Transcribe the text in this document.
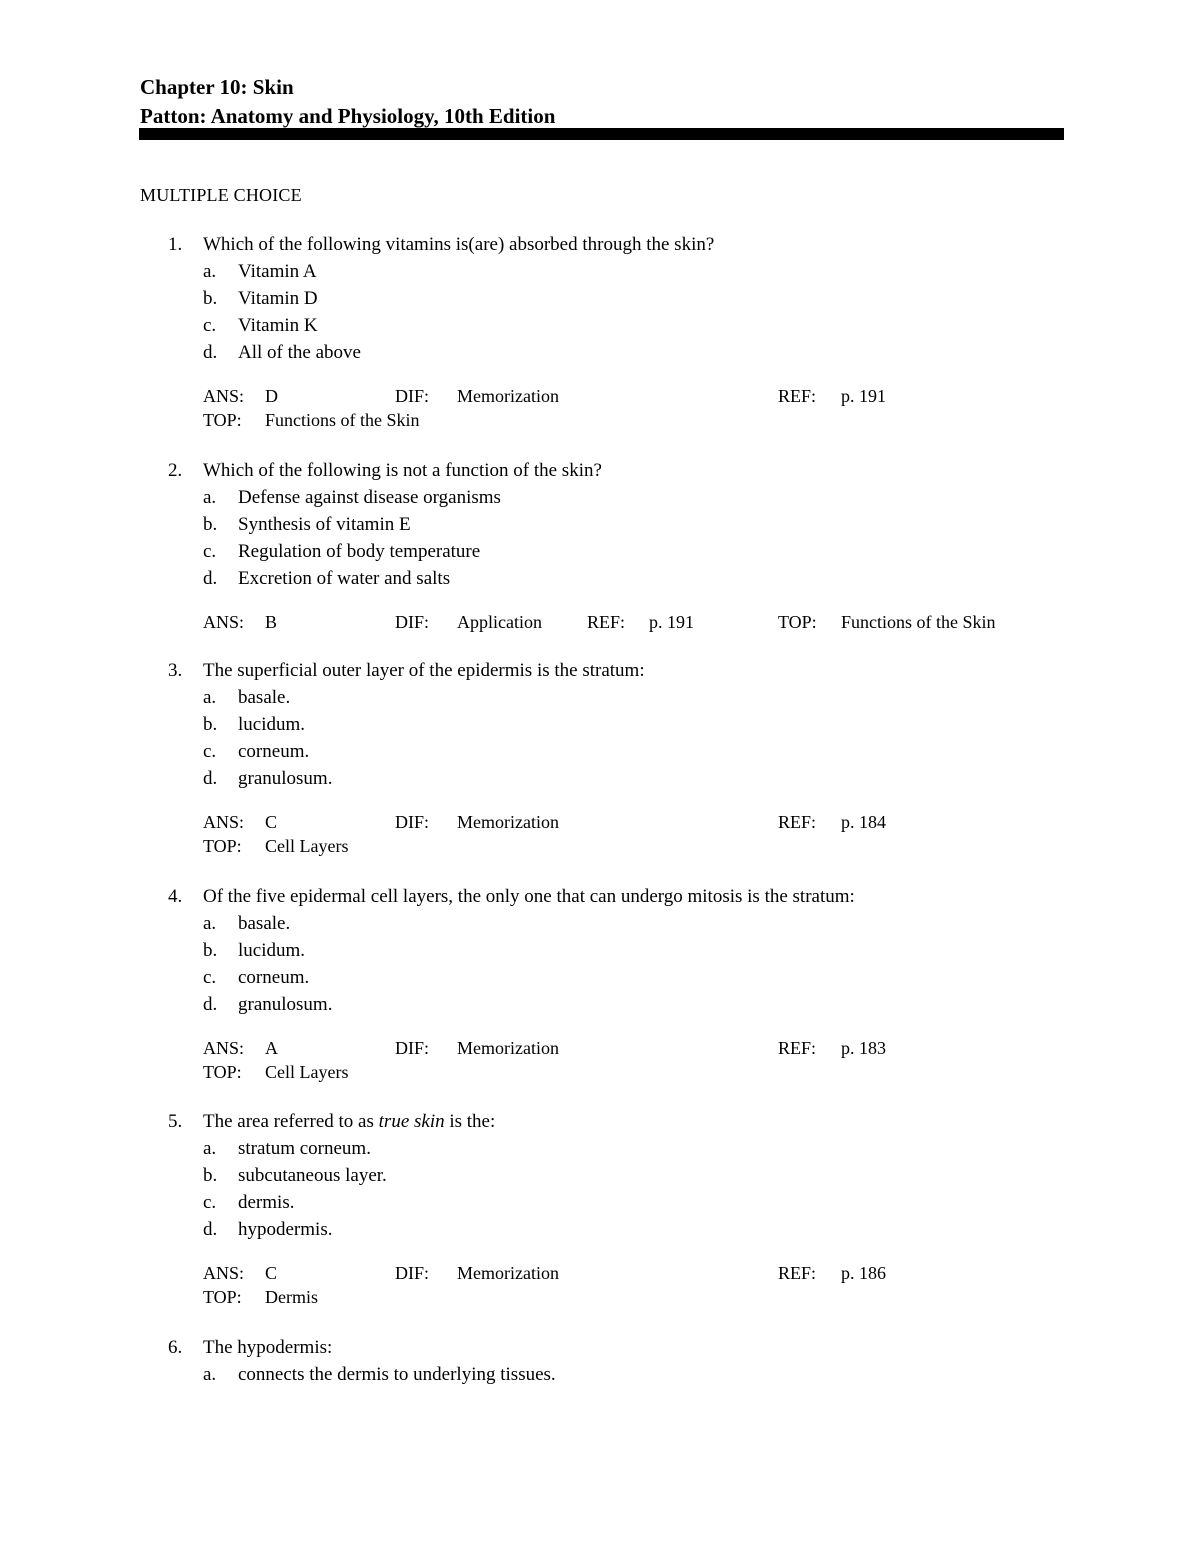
Chapter 10: Skin
Patton: Anatomy and Physiology, 10th Edition
MULTIPLE CHOICE
1. Which of the following vitamins is(are) absorbed through the skin?
a. Vitamin A
b. Vitamin D
c. Vitamin K
d. All of the above
ANS: D	DIF: Memorization	REF: p. 191
TOP: Functions of the Skin
2. Which of the following is not a function of the skin?
a. Defense against disease organisms
b. Synthesis of vitamin E
c. Regulation of body temperature
d. Excretion of water and salts
ANS: B	DIF: Application	REF: p. 191	TOP: Functions of the Skin
3. The superficial outer layer of the epidermis is the stratum:
a. basale.
b. lucidum.
c. corneum.
d. granulosum.
ANS: C	DIF: Memorization	REF: p. 184
TOP: Cell Layers
4. Of the five epidermal cell layers, the only one that can undergo mitosis is the stratum:
a. basale.
b. lucidum.
c. corneum.
d. granulosum.
ANS: A	DIF: Memorization	REF: p. 183
TOP: Cell Layers
5. The area referred to as true skin is the:
a. stratum corneum.
b. subcutaneous layer.
c. dermis.
d. hypodermis.
ANS: C	DIF: Memorization	REF: p. 186
TOP: Dermis
6. The hypodermis:
a. connects the dermis to underlying tissues.
